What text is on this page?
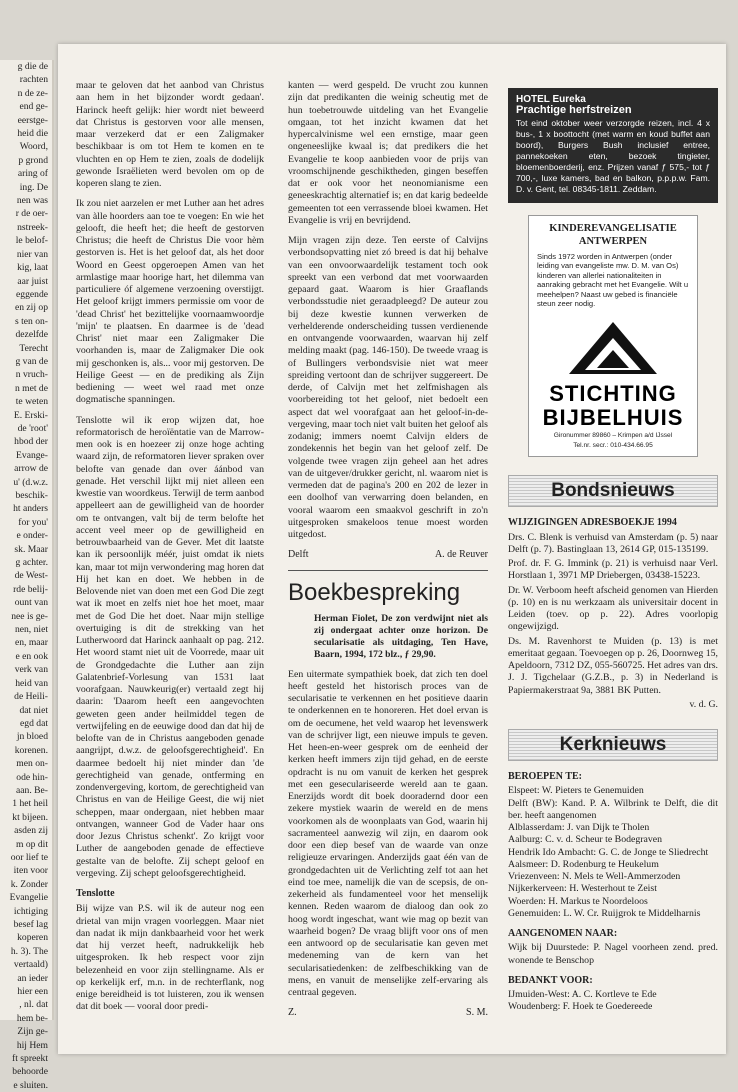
g die de

rachten

n de ze-

end ge-

eerstge-

heid die

Woord,

p grond

aring of

ing. De

nen was

r de oer-

nstreek-

le belof-

nier van

kig, laat

aar juist

eggende

en zij op

s ten on-

dezelfde

Terecht

g van de

n vruch-

n met de

te weten

E. Erski-

de 'root'

hbod der

Evange-

arrow de

u' (d.w.z.

beschik-

ht anders

for you'

e onder-

sk. Maar

g achter.

de West-

rde belij-

ount van

nee is ge-

nen, niet

en, maar

e en ook

verk van

heid van

de Heili-

dat niet

egd dat

jn bloed

korenen.

men on-

ode hin-

aan. Be-

1 het heil

kt bijeen.

asden zij

m op dit

oor lief te

iten voor

k. Zonder

Evangelie

ichtiging

besef lag

koperen

h. 3). The

vertaald)

an ieder

hier een

, nl. dat

hem be-

Zijn ge-

hij Hem

ft spreekt

behoorde

e sluiten.

maar te geloven dat het aanbod van Christus aan hem in het bijzonder wordt gedaan'. Harinck heeft gelijk: hier wordt niet beweerd dat Christus is gestorven voor alle mensen, maar verzekerd dat er een Zaligmaker beschikbaar is om tot Hem te komen en te vluchten en op Hem te zien, zoals de dodelijk gewonde Israëlieten werd bevolen om op de koperen slang te zien.

Ik zou niet aarzelen er met Luther aan het adres van àlle hoorders aan toe te voegen: En wie het gelooft, die heeft het; die heeft de gestorven Christus; die heeft de Christus Die voor hèm gestorven is. Het is het geloof dat, als het door Woord en Geest opgeroepen Amen van het armlastige maar hoorige hart, het dilemma van particuliere óf algemene verzoening overstijgt. Het geloof krijgt immers permissie om voor de 'dead Christ' het bezittelijke voornaamwoordje 'mijn' te plaatsen. En daarmee is de 'dead Christ' niet maar een Zaligmaker Die voorhanden is, maar de Zaligmaker Die ook mij geschonken is, als... voor mij gestorven. De Heilige Geest — en de prediking als Zijn bediening — weet wel raad met onze dogmatische spanningen.

Tenslotte wil ik erop wijzen dat, hoe reformatorisch de heroïëntatie van de Marrow-men ook is en hoezeer zij onze hoge achting waard zijn, de reformatoren liever spraken over belofte van genade dan over áánbod van genade. Het verschil lijkt mij niet alleen een kwestie van woordkeus. Terwijl de term aanbod appelleert aan de gewilligheid van de hoorder om te ontvangen, valt bij de term belofte het accent veel meer op de gewilligheid en betrouwbaarheid van de Gever. Met dit laatste kan ik persoonlijk méér, juist omdat ik niets kan, maar tot mijn verwondering mag horen dat Hij het kan en doet. We hebben in de Belovende niet van doen met een God Die zegt wat ik moet en zelfs niet hoe het moet, maar met de God Die het doet. Naar mijn stellige overtuiging is dit de strekking van het Lutherwoord dat Harinck aanhaalt op pag. 212. Het woord stamt niet uit de Voorrede, maar uit de Grondgedachte die Luther aan zijn Galatenbrief-Vorlesung van 1531 laat voorafgaan. Nauwkeurig(er) vertaald zegt hij daarin: 'Daarom heeft een aangevochten geweten geen ander heilmiddel tegen de vertwijfeling en de eeuwige dood dan dat hij de belofte van de in Christus aangeboden genade aangrijpt, d.w.z. de geloofsgerechtigheid'. En daarmee bedoelt hij niet minder dan 'de gerechtigheid van genade, ontferming en zondenvergeving, kortom, de gerechtigheid van Christus en van de Heilige Geest, die wij niet scheppen, maar ondergaan, niet hebben maar ontvangen, wanneer God de Vader haar ons door Jezus Christus schenkt'. Zo krijgt voor Luther de aangeboden genade de effectieve gestalte van de belofte. Zij schept geloof en vergeving. Zij schept geloofsgerechtigheid.

Tenslotte

Bij wijze van P.S. wil ik de auteur nog een drietal van mijn vragen voorleggen. Maar niet dan nadat ik mijn dankbaarheid voor het werk dat hij verzet heeft, nadrukkelijk heb uitgesproken. Ik heb respect voor zijn belezenheid en voor zijn stellingname. Als er op kerkelijk erf, m.n. in de rechterflank, nog enige bereidheid is tot luisteren, zou ik wensen dat dit boek — vooral door predi-

kanten — werd gespeld. De vrucht zou kunnen zijn dat predikanten die weinig scheutig met de hun toebetrouwde uitdeling van het Evangelie omgaan, tot het inzicht kwamen dat het hypercalvinisme wel een ernstige, maar geen ongeneeslijke kwaal is; dat predikers die het Evangelie te koop aanbieden voor de prijs van vroomschijnende geschiktheden, gingen beseffen dat er ook voor het neonomianisme een geneeskrachtig alternatief is; en dat karig bedeelde gemeenten tot een verrassende bloei kwamen. Het Evangelie is vrij en bevrijdend.

Mijn vragen zijn deze. Ten eerste of Calvijns verbondsopvatting niet zó breed is dat hij behalve van een onvoorwaardelijk testament toch ook spreekt van een verbond dat met voorwaarden gepaard gaat. Waarom is hier Graaflands verbondsstudie niet geraadpleegd? De auteur zou bij deze kwestie kunnen verwerken de verhelderende onderscheiding tussen verdienende en ontvangende voorwaarden, waarvan hij zelf melding maakt (pag. 146-150). De tweede vraag is of Bullingers verbondsvisie niet wat meer spreiding vertoont dan de schrijver suggereert. De derde, of Calvijn met het zelfmishagen als voorbereiding tot het geloof, niet bedoelt een aspect dat wel voorafgaat aan het geloof-in-de-vergeving, maar toch niet valt buiten het geloof als zodanig; immers noemt Calvijn elders de zondekennis het begin van het geloof zelf. De volgende twee vragen zijn geheel aan het adres van de uitgever/drukker gericht, nl. waarom niet is vermeden dat de pagina's 200 en 202 de lezer in een doolhof van verwarring doen belanden, en vooral waarom een smaakvol geschrift in zo'n uitgesproken smakeloos tenue moest worden uitgedost.

Delft	A. de Reuver
Boekbespreking

Herman Fiolet, De zon verdwijnt niet als zij ondergaat achter onze horizon. De secularisatie als uitdaging, Ten Have, Baarn, 1994, 172 blz., ƒ 29,90.

Een uitermate sympathiek boek, dat zich ten doel heeft gesteld het historisch proces van de secularisatie te verkennen en het positieve daarin te onderkennen en te honoreren. Het doel ervan is om de oecumene, het veld waarop het levenswerk van de schrijver ligt, een nieuwe impuls te geven. Het heen-en-weer gesprek om de eenheid der kerken heeft immers zijn tijd gehad, en de eerste opdracht is nu om vanuit de kerken het gesprek met een geseculariseerde wereld aan te gaan. Enerzijds wordt dit boek dooradernd door een zekere mystiek waarin de wereld en de mens voorkomen als de woonplaats van God, waarin hij sacramenteel aanwezig wil zijn, en daarom ook door een diep besef van de waarde van onze religieuze ervaringen. Anderzijds gaat één van de grondgedachten uit de Verlichting zelf tot aan het eind toe mee, namelijk die van de scepsis, de on-zekerheid als fundamenteel voor het menselijk kennen. Reden waarom de dialoog dan ook zo hoog wordt ingeschat, want wie mag op bezit van waarheid bogen? De vraag blijft voor ons of men een antwoord op de secularisatie kan geven met medeneming van de kern van het secularisatiedenken: de zelfbeschikking van de mens, en vanuit de menselijke zelf-ervaring als centraal gegeven.

Z.	S. M.
HOTEL Eureka
Prachtige herfstreizen
Tot eind oktober weer verzorgde reizen, incl. 4 x bus-, 1 x boottocht (met warm en koud buffet aan boord), Burgers Bush inclusief entree, pannekoeken eten, bezoek tingieter, bloemenboerderij, enz. Prijzen vanaf ƒ 575,- tot ƒ 700,-, luxe kamers, bad en balkon, p.p.p.w. Fam. D. v. Gent, tel. 08345-1811. Zeddam.
KINDEREVANGELISATIE ANTWERPEN
Sinds 1972 worden in Antwerpen (onder leiding van evangeliste mw. D. M. van Os) kinderen van allerlei nationaliteiten in aanraking gebracht met het Evangelie. Wilt u meehelpen? Naast uw gebed is financiële steun zeer nodig.
STICHTING
BIJBELHUIS
Gironummer 89860 – Krimpen a/d IJssel
Tel.nr. secr.: 010-434.66.95
Bondsnieuws
WIJZIGINGEN ADRESBOEKJE 1994

Drs. C. Blenk is verhuisd van Amsterdam (p. 5) naar Delft (p. 7). Bastinglaan 13, 2614 GP, 015-135199.

Prof. dr. F. G. Immink (p. 21) is verhuisd naar Verl. Horstlaan 1, 3971 MP Driebergen, 03438-15223.

Dr. W. Verboom heeft afscheid genomen van Hierden (p. 10) en is nu werkzaam als universitair docent in Leiden (toev. op p. 22). Adres voorlopig ongewijzigd.

Ds. M. Ravenhorst te Muiden (p. 13) is met emeritaat gegaan. Toevoegen op p. 26, Doornweg 15, Apeldoorn, 7312 DZ, 055-560725. Het adres van drs. J. J. Tigchelaar (G.Z.B., p. 3) in Nederland is Papiermakerstraat 9a, 3881 BK Putten.

v. d. G.
Kerknieuws
BEROEPEN TE:
Elspeet: W. Pieters te Genemuiden
Delft (BW): Kand. P. A. Wilbrink te Delft, die dit ber. heeft aangenomen
Alblasserdam: J. van Dijk te Tholen
Aalburg: C. v. d. Scheur te Bodegraven
Hendrik Ido Ambacht: G. C. de Jonge te Sliedrecht
Aalsmeer: D. Rodenburg te Heukelum
Vriezenveen: N. Mels te Well-Ammerzoden
Nijkerkerveen: H. Westerhout te Zeist
Woerden: H. Markus te Noordeloos
Genemuiden: L. W. Cr. Ruijgrok te Middelharnis
AANGENOMEN NAAR:
Wijk bij Duurstede: P. Nagel voorheen zend. pred. wonende te Benschop
BEDANKT VOOR:
IJmuiden-West: A. C. Kortleve te Ede
Woudenberg: F. Hoek te Goedereede
